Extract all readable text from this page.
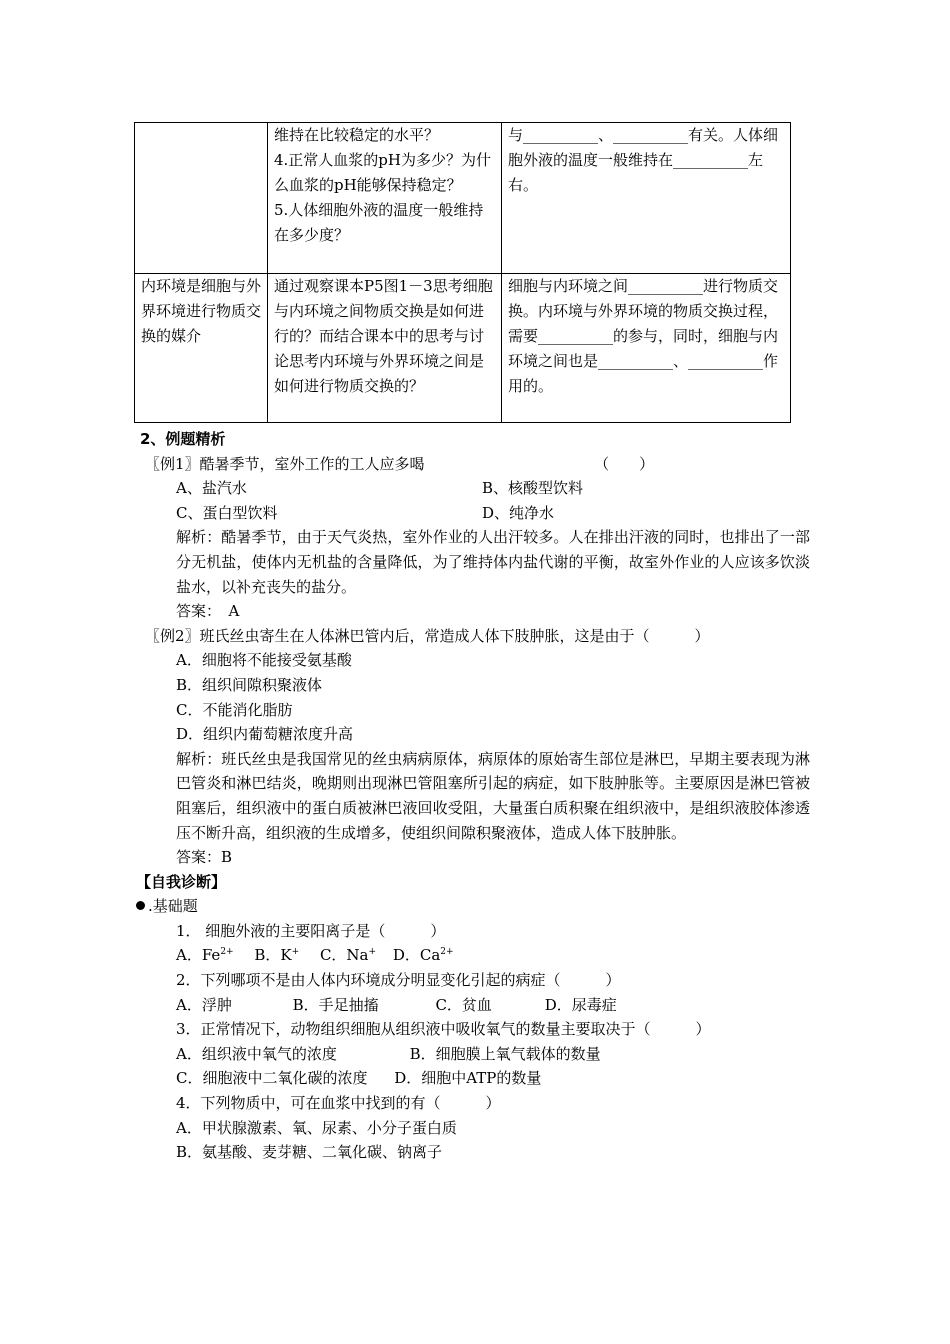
	维持在比较稳定的水平？
4.正常人血浆的pH为多少？为什么血浆的pH能够保持稳定？
5.人体细胞外液的温度一般维持在多少度？	与__________、__________有关。人体细胞外液的温度一般维持在__________左右。
内环境是细胞与外界环境进行物质交换的媒介	通过观察课本P5图1－3思考细胞与内环境之间物质交换是如何进行的？而结合课本中的思考与讨论思考内环境与外界环境之间是如何进行物质交换的？	细胞与内环境之间__________进行物质交换。内环境与外界环境的物质交换过程，需要__________的参与，同时，细胞与内环境之间也是__________、__________作用的。
2、例题精析
〖例1〗酷暑季节，室外工作的工人应多喝	（　　）
A、盐汽水	B、核酸型饮料
C、蛋白型饮料	D、纯净水
解析：酷暑季节，由于天气炎热，室外作业的人出汗较多。人在排出汗液的同时，也排出了一部分无机盐，使体内无机盐的含量降低，为了维持体内盐代谢的平衡，故室外作业的人应该多饮淡盐水，以补充丧失的盐分。
答案：　A
〖例2〗班氏丝虫寄生在人体淋巴管内后，常造成人体下肢肿胀，这是由于（　　　）
A．细胞将不能接受氨基酸
B．组织间隙积聚液体
C．不能消化脂肪
D．组织内葡萄糖浓度升高
解析：班氏丝虫是我国常见的丝虫病病原体，病原体的原始寄生部位是淋巴，早期主要表现为淋巴管炎和淋巴结炎，晚期则出现淋巴管阻塞所引起的病症，如下肢肿胀等。主要原因是淋巴管被阻塞后，组织液中的蛋白质被淋巴液回收受阻，大量蛋白质积聚在组织液中，是组织液胶体渗透压不断升高，组织液的生成增多，使组织间隙积聚液体，造成人体下肢肿胀。
答案：B
【自我诊断】
.基础题
1． 细胞外液的主要阳离子是（　　　）
A．$Fe^{2+}$ B．K+ C．Na+ D．$Ca^{2+}$
2．下列哪项不是由人体内环境成分明显变化引起的病症（　　　）
A．浮肿	B．手足抽搐	C．贫血	D．尿毒症
3．正常情况下，动物组织细胞从组织液中吸收氧气的数量主要取决于（　　　）
A．组织液中氧气的浓度	B．细胞膜上氧气载体的数量
C．细胞液中二氧化碳的浓度 D．细胞中ATP的数量
4．下列物质中，可在血浆中找到的有（　　　）
A．甲状腺激素、氧、尿素、小分子蛋白质
B．氨基酸、麦芽糖、二氧化碳、钠离子
